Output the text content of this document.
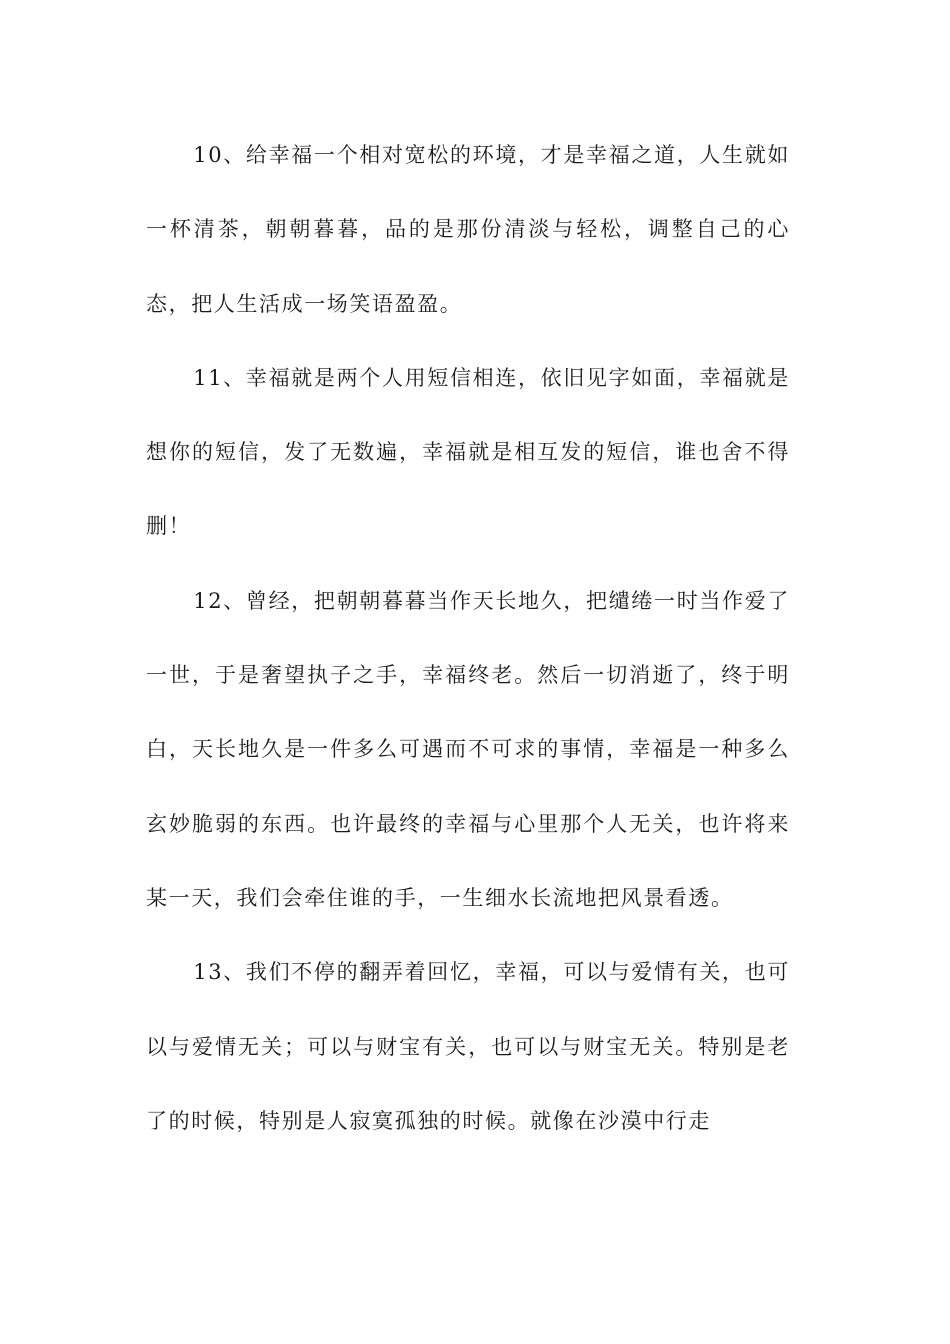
10、给幸福一个相对宽松的环境，才是幸福之道，人生就如一杯清茶，朝朝暮暮，品的是那份清淡与轻松，调整自己的心态，把人生活成一场笑语盈盈。

11、幸福就是两个人用短信相连，依旧见字如面，幸福就是想你的短信，发了无数遍，幸福就是相互发的短信，谁也舍不得删！

12、曾经，把朝朝暮暮当作天长地久，把缱绻一时当作爱了一世，于是奢望执子之手，幸福终老。然后一切消逝了，终于明白，天长地久是一件多么可遇而不可求的事情，幸福是一种多么玄妙脆弱的东西。也许最终的幸福与心里那个人无关，也许将来某一天，我们会牵住谁的手，一生细水长流地把风景看透。

13、我们不停的翻弄着回忆，幸福，可以与爱情有关，也可以与爱情无关；可以与财宝有关，也可以与财宝无关。特别是老了的时候，特别是人寂寞孤独的时候。就像在沙漠中行走
